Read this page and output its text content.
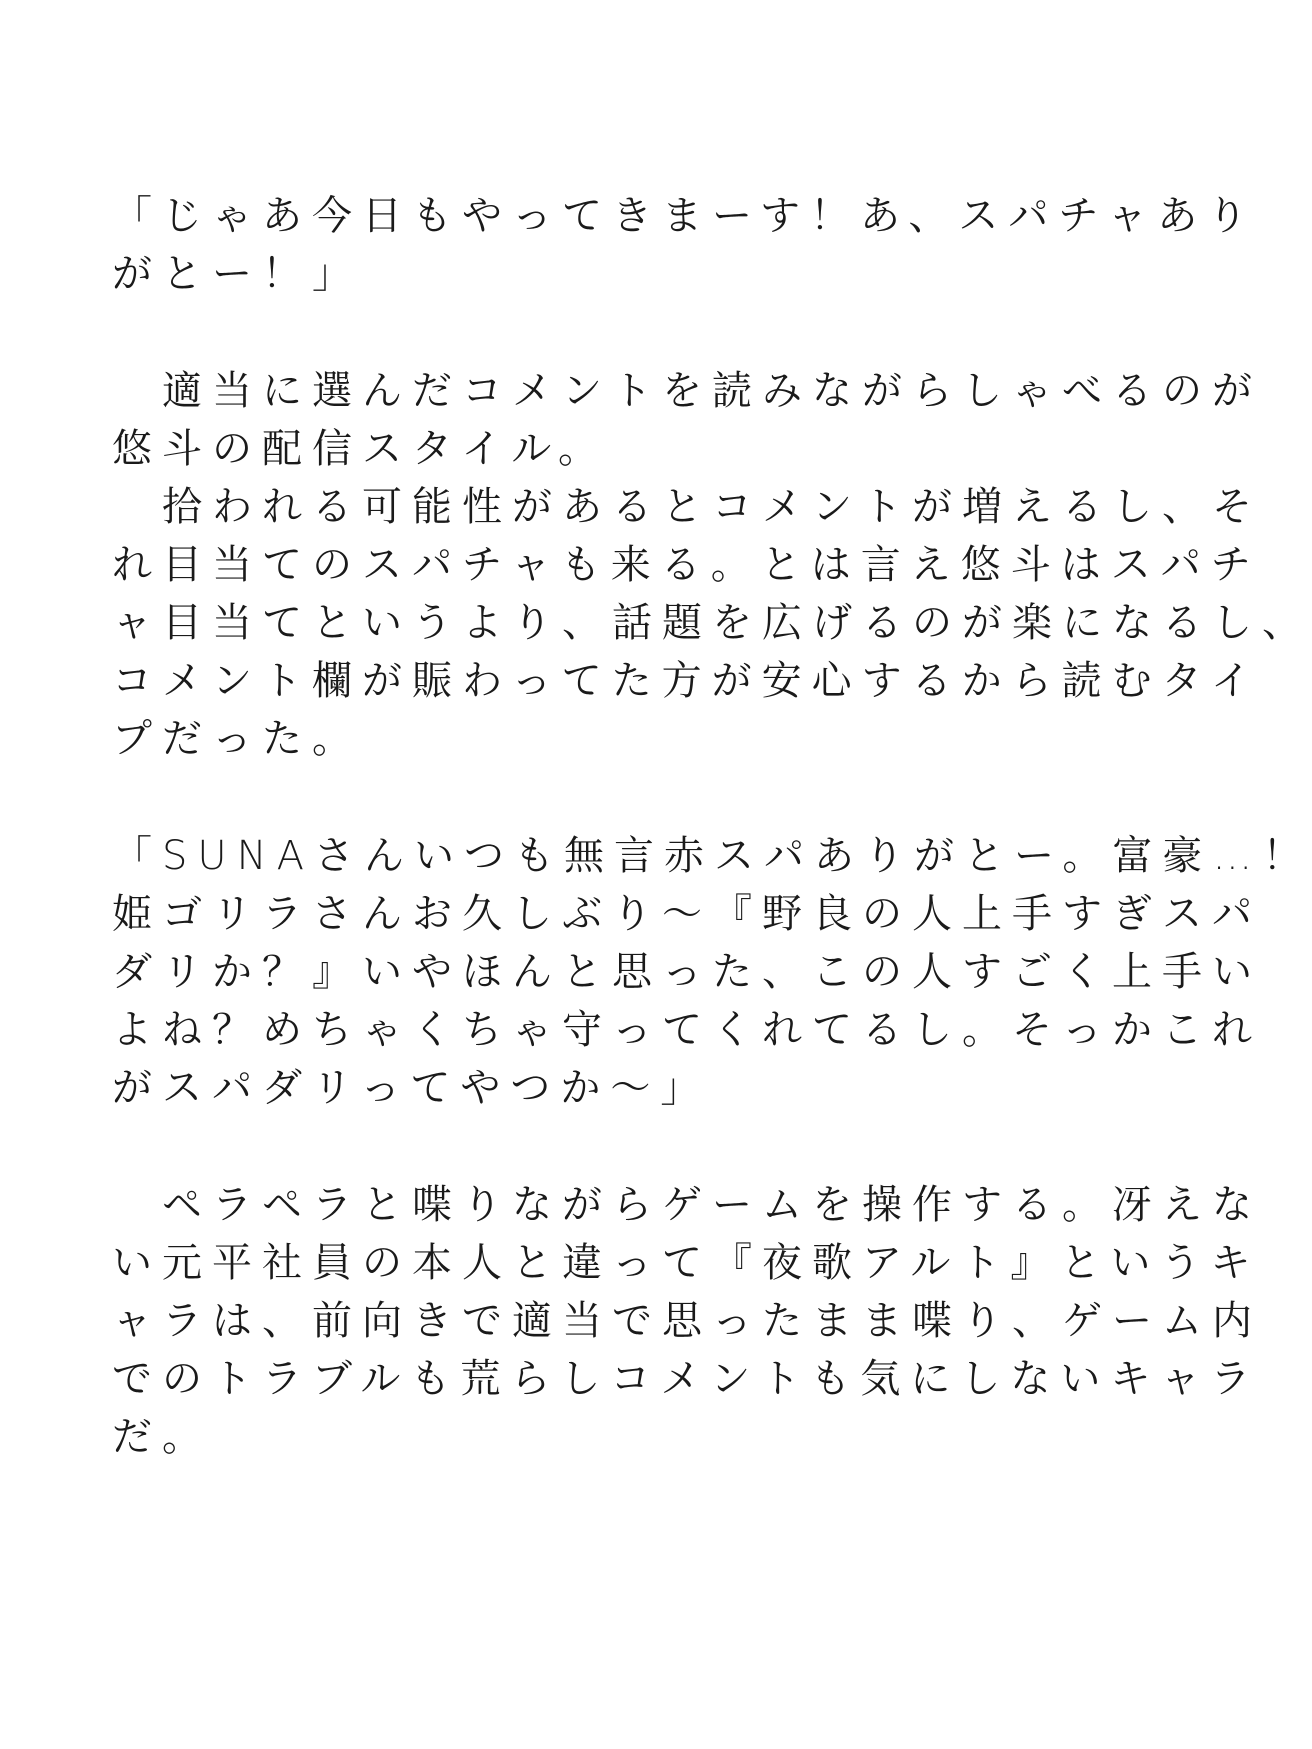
「じゃあ今日もやってきまーす！あ、スパチャあり
がとー！」
　適当に選んだコメントを読みながらしゃべるのが
悠斗の配信スタイル。
　拾われる可能性があるとコメントが増えるし、そ
れ目当てのスパチャも来る。とは言え悠斗はスパチ
ャ目当てというより、話題を広げるのが楽になるし、
コメント欄が賑わってた方が安心するから読むタイ
プだった。
「SUNAさんいつも無言赤スパありがとー。富豪…！
姫ゴリラさんお久しぶり～『野良の人上手すぎスパ
ダリか？』いやほんと思った、この人すごく上手い
よね？めちゃくちゃ守ってくれてるし。そっかこれ
がスパダリってやつか～」
　ペラペラと喋りながらゲームを操作する。冴えな
い元平社員の本人と違って『夜歌アルト』というキ
ャラは、前向きで適当で思ったまま喋り、ゲーム内
でのトラブルも荒らしコメントも気にしないキャラ
だ。
